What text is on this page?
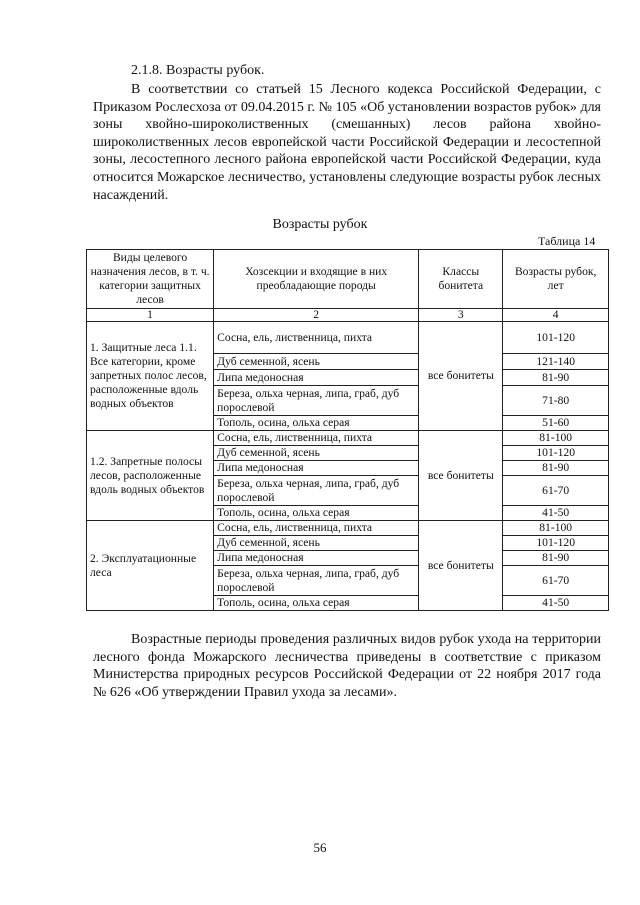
2.1.8. Возрасты рубок.
В соответствии со статьей 15 Лесного кодекса Российской Федерации, с Приказом Рослесхоза от 09.04.2015 г. № 105 «Об установлении возрастов рубок» для зоны хвойно-широколиственных (смешанных) лесов района хвойно-широколиственных лесов европейской части Российской Федерации и лесостепной зоны, лесостепного лесного района европейской части Российской Федерации, куда относится Можарское лесничество, установлены следующие возрасты рубок лесных насаждений.
Возрасты рубок
Таблица 14
Виды целевого назначения лесов, в т. ч. категории защитных лесов	Хозсекции и входящие в них преобладающие породы	Классы бонитета	Возрасты рубок, лет
1	2	3	4
1. Защитные леса 1.1. Все категории, кроме запретных полос лесов, расположенные вдоль водных объектов	Сосна, ель, лиственница, пихта	все бонитеты	101-120
	Дуб семенной, ясень		121-140
	Липа медоносная		81-90
	Береза, ольха черная, липа, граб, дуб порослевой		71-80
	Тополь, осина, ольха серая		51-60
1.2. Запретные полосы лесов, расположенные вдоль водных объектов	Сосна, ель, лиственница, пихта	все бонитеты	81-100
	Дуб семенной, ясень		101-120
	Липа медоносная		81-90
	Береза, ольха черная, липа, граб, дуб порослевой		61-70
	Тополь, осина, ольха серая		41-50
2. Эксплуатационные леса	Сосна, ель, лиственница, пихта	все бонитеты	81-100
	Дуб семенной, ясень		101-120
	Липа медоносная		81-90
	Береза, ольха черная, липа, граб, дуб порослевой		61-70
	Тополь, осина, ольха серая		41-50
Возрастные периоды проведения различных видов рубок ухода на территории лесного фонда Можарского лесничества приведены в соответствие с приказом Министерства природных ресурсов Российской Федерации от 22 ноября 2017 года № 626 «Об утверждении Правил ухода за лесами».
56
